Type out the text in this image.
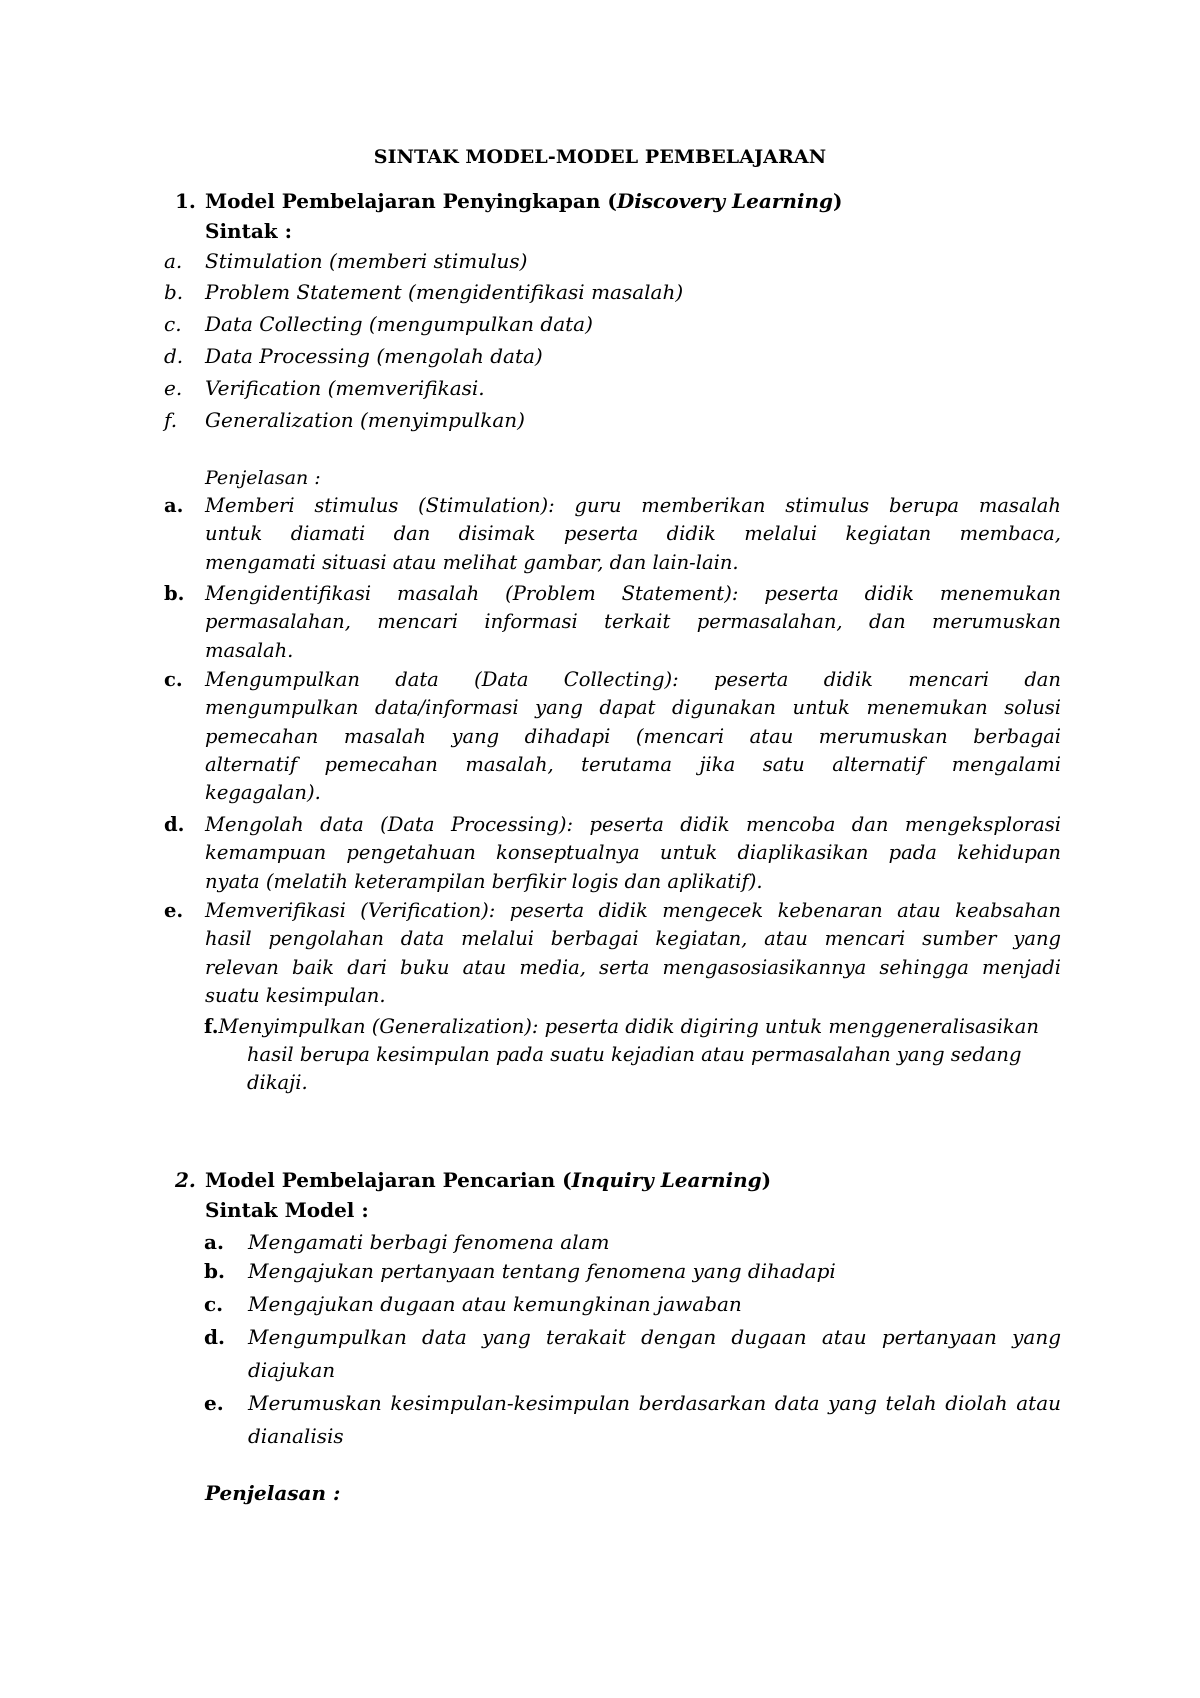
SINTAK MODEL-MODEL PEMBELAJARAN
1. Model Pembelajaran Penyingkapan (Discovery Learning)
Sintak :
a. Stimulation (memberi stimulus)
b. Problem Statement (mengidentifikasi masalah)
c. Data Collecting (mengumpulkan data)
d. Data Processing (mengolah data)
e. Verification (memverifikasi.
f. Generalization (menyimpulkan)
Penjelasan :
a. Memberi stimulus (Stimulation): guru memberikan stimulus berupa masalah
untuk diamati dan disimak peserta didik melalui kegiatan membaca,
mengamati situasi atau melihat gambar, dan lain-lain.
b. Mengidentifikasi masalah (Problem Statement): peserta didik menemukan
permasalahan, mencari informasi terkait permasalahan, dan merumuskan
masalah.
c. Mengumpulkan data (Data Collecting): peserta didik mencari dan
mengumpulkan data/informasi yang dapat digunakan untuk menemukan solusi
pemecahan masalah yang dihadapi (mencari atau merumuskan berbagai
alternatif pemecahan masalah, terutama jika satu alternatif mengalami
kegagalan).
d. Mengolah data (Data Processing): peserta didik mencoba dan mengeksplorasi
kemampuan pengetahuan konseptualnya untuk diaplikasikan pada kehidupan
nyata (melatih keterampilan berfikir logis dan aplikatif).
e. Memverifikasi (Verification): peserta didik mengecek kebenaran atau keabsahan
hasil pengolahan data melalui berbagai kegiatan, atau mencari sumber yang
relevan baik dari buku atau media, serta mengasosiasikannya sehingga menjadi
suatu kesimpulan.
f.Menyimpulkan (Generalization): peserta didik digiring untuk menggeneralisasikan
hasil berupa kesimpulan pada suatu kejadian atau permasalahan yang sedang
dikaji.
2. Model Pembelajaran Pencarian (Inquiry Learning)
Sintak Model :
a. Mengamati berbagi fenomena alam
b. Mengajukan pertanyaan tentang fenomena yang dihadapi
c. Mengajukan dugaan atau kemungkinan jawaban
d. Mengumpulkan data yang terakait dengan dugaan atau pertanyaan yang
diajukan
e. Merumuskan kesimpulan-kesimpulan berdasarkan data yang telah diolah atau
dianalisis
Penjelasan :
